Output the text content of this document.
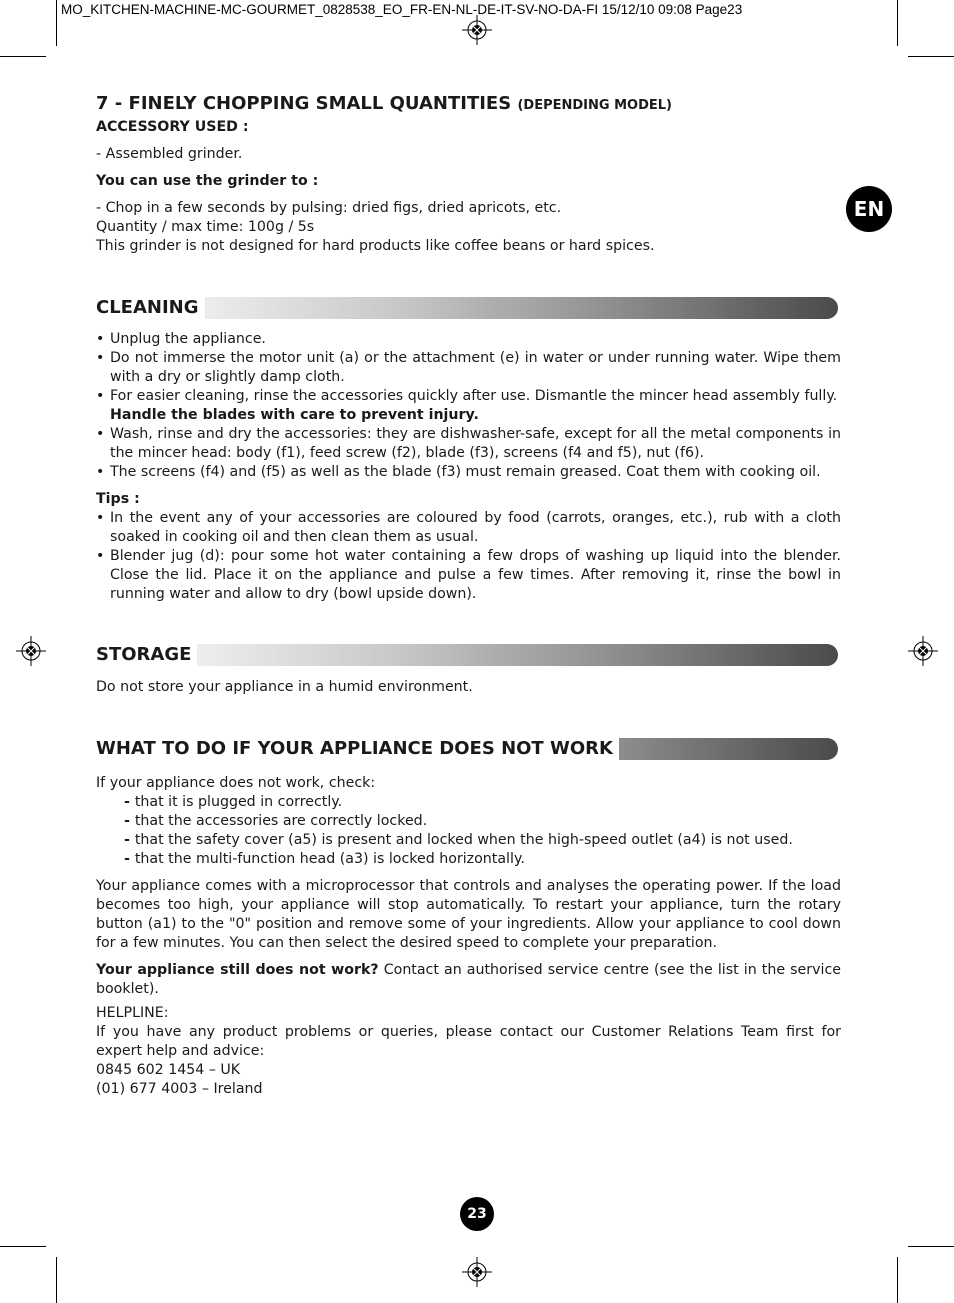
MO_KITCHEN-MACHINE-MC-GOURMET_0828538_EO_FR-EN-NL-DE-IT-SV-NO-DA-FI 15/12/10 09:08 Page23
EN

7 - FINELY CHOPPING SMALL QUANTITIES (DEPENDING MODEL)

ACCESSORY USED :

- Assembled grinder.

You can use the grinder to :

- Chop in a few seconds by pulsing: dried figs, dried apricots, etc.

Quantity / max time: 100g / 5s

This grinder is not designed for hard products like coffee beans or hard spices.

CLEANING
• Unplug the appliance.
• Do not immerse the motor unit (a) or the attachment (e) in water or under running water. Wipe them with a dry or slightly damp cloth.
• For easier cleaning, rinse the accessories quickly after use. Dismantle the mincer head assembly fully.
Handle the blades with care to prevent injury.
• Wash, rinse and dry the accessories: they are dishwasher-safe, except for all the metal components in the mincer head: body (f1), feed screw (f2), blade (f3), screens (f4 and f5), nut (f6).
• The screens (f4) and (f5) as well as the blade (f3) must remain greased. Coat them with cooking oil.

Tips :

• In the event any of your accessories are coloured by food (carrots, oranges, etc.), rub with a cloth soaked in cooking oil and then clean them as usual.
• Blender jug (d): pour some hot water containing a few drops of washing up liquid into the blender. Close the lid. Place it on the appliance and pulse a few times. After removing it, rinse the bowl in running water and allow to dry (bowl upside down).
STORAGE

Do not store your appliance in a humid environment.

WHAT TO DO IF YOUR APPLIANCE DOES NOT WORK

If your appliance does not work, check:

- that it is plugged in correctly.
- that the accessories are correctly locked.
- that the safety cover (a5) is present and locked when the high-speed outlet (a4) is not used.
- that the multi-function head (a3) is locked horizontally.

Your appliance comes with a microprocessor that controls and analyses the operating power. If the load becomes too high, your appliance will stop automatically. To restart your appliance, turn the rotary button (a1) to the "0" position and remove some of your ingredients. Allow your appliance to cool down for a few minutes. You can then select the desired speed to complete your preparation.

Your appliance still does not work? Contact an authorised service centre (see the list in the service booklet).

HELPLINE:

If you have any product problems or queries, please contact our Customer Relations Team first for expert help and advice:

0845 602 1454 – UK

(01) 677 4003 – Ireland

23
